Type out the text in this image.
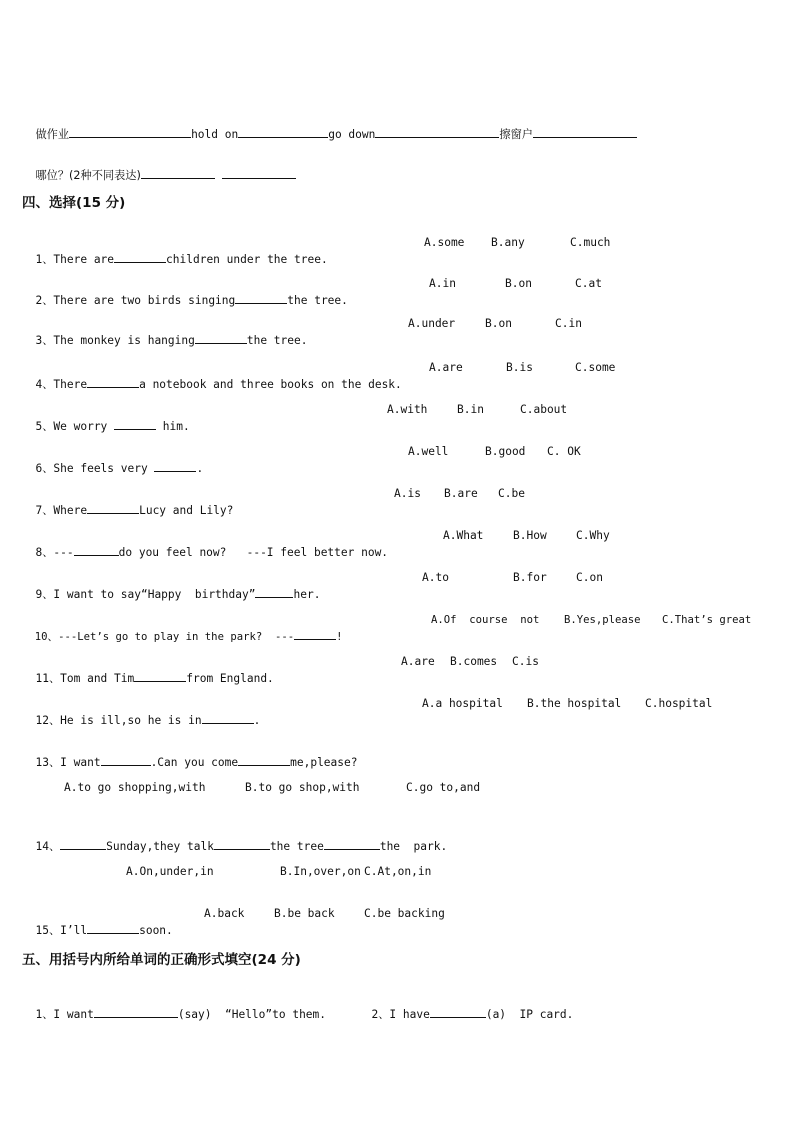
做作业	hold on	go down	擦窗户

哪位？(2种不同表达)

四、选择(15 分)

1、There are	children under the tree.

A.some B.any	C.much

2、There are two birds singing	the tree.

A.in	B.on	C.at

3、The monkey is hanging	the tree.

A.under	B.on	C.in

4、There	a notebook and three books on the desk.

A.are	B.is	C.some

5、We worry	him.

A.with	B.in	C.about

6、She feels very	.

A.well	B.good C. OK

7、Where	Lucy and Lily?

A.is B.are C.be

8、---	do you feel now?   ---I feel better now.

A.What	B.How	C.Why

9、I want to say“Happy  birthday”	her.

A.to	B.for	C.on

10、---Let’s go to play in the park?  ---	!

A.Of  course  not B.Yes,please C.That’s great

11、Tom and Tim	from England.

A.are B.comes C.is

12、He is ill,so he is in	.

A.a hospital B.the hospital C.hospital

13、I want	.Can you come	me,please?

A.to go shopping,with	B.to go shop,with	C.go to,and

14、	Sunday,they talk	the tree	the  park.

A.On,under,in	B.In,over,on C.At,on,in

15、I’ll	soon.

A.back	B.be back	C.be backing
五、用括号内所给单词的正确形式填空(24 分)

1、I want	(say)  “Hello”to them.	2、I have	(a)  IP card.
